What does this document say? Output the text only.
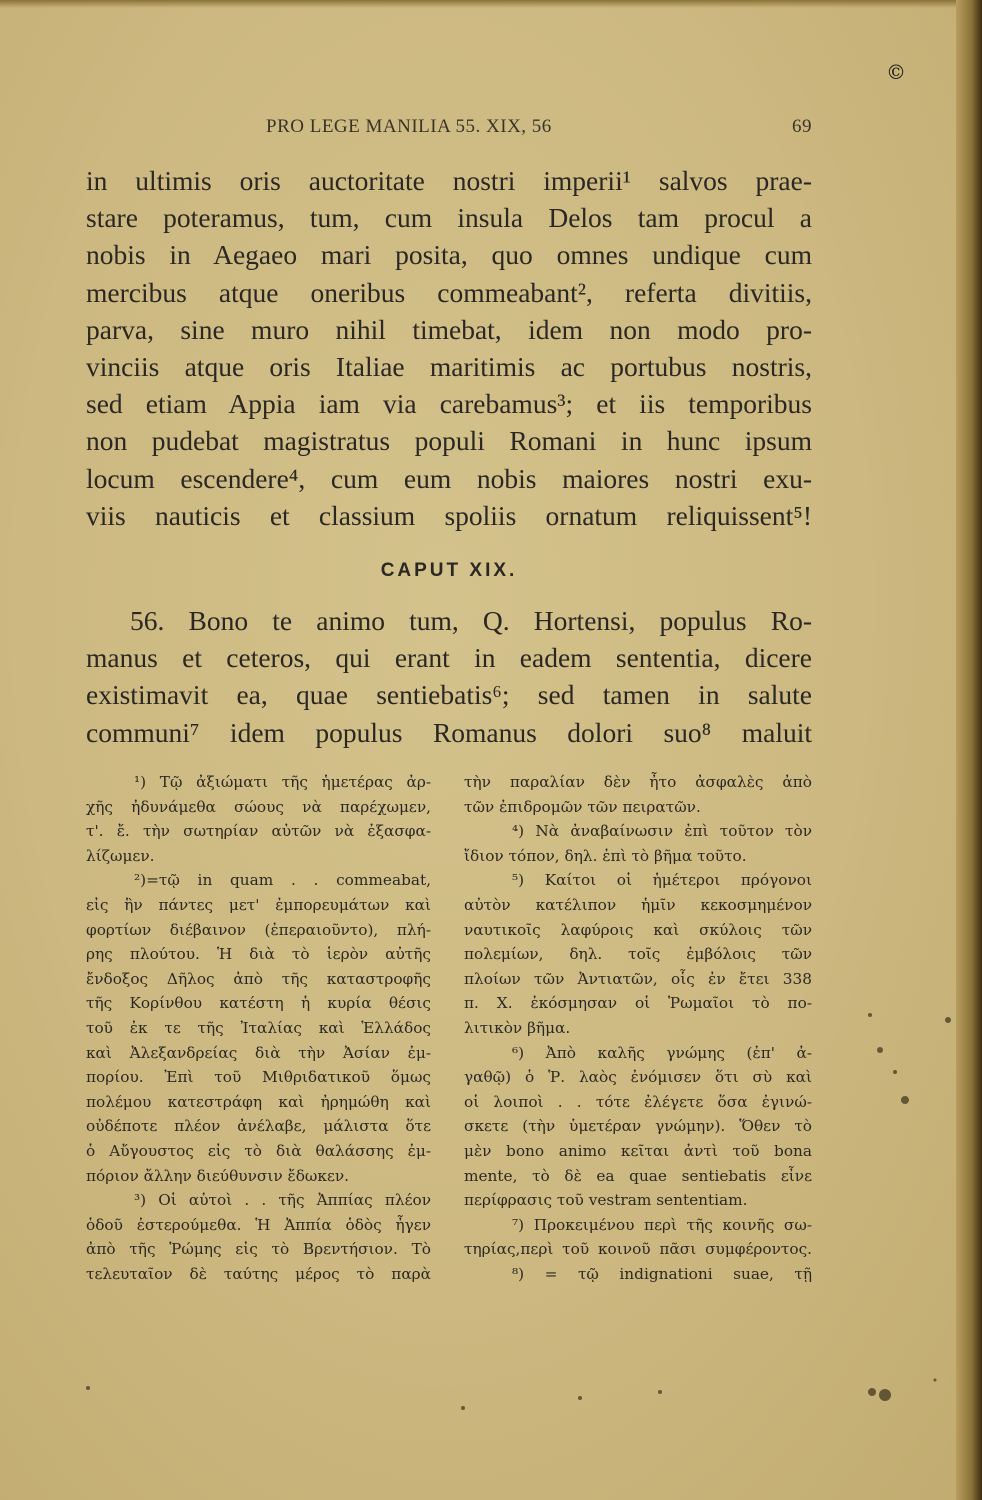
©
PRO LEGE MANILIA 55. XIX, 56	69
in ultimis oris auctoritate nostri imperii¹ salvos prae-
stare poteramus, tum, cum insula Delos tam procul a
nobis in Aegaeo mari posita, quo omnes undique cum
mercibus atque oneribus commeabant², referta divitiis,
parva, sine muro nihil timebat, idem non modo pro-
vinciis atque oris Italiae maritimis ac portubus nostris,
sed etiam Appia iam via carebamus³; et iis temporibus
non pudebat magistratus populi Romani in hunc ipsum
locum escendere⁴, cum eum nobis maiores nostri exu-
viis nauticis et classium spoliis ornatum reliquissent⁵!
CAPUT XIX.
56. Bono te animo tum, Q. Hortensi, populus Ro-
manus et ceteros, qui erant in eadem sententia, dicere
existimavit ea, quae sentiebatis⁶; sed tamen in salute
communi⁷ idem populus Romanus dolori suo⁸ maluit
¹) Τῷ ἀξιώματι τῆς ἡμετέρας ἀρ-
χῆς ἠδυνάμεθα σώους νὰ παρέχωμεν,
τ'. ἔ. τὴν σωτηρίαν αὐτῶν νὰ ἐξασφα-
λίζωμεν.
²)=τῷ in quam . . commeabat,
εἰς ἣν πάντες μετ' ἐμπορευμάτων καὶ
φορτίων διέβαινον (ἐπεραιοῦντο), πλή-
ρης πλούτου. Ἡ διὰ τὸ ἱερὸν αὐτῆς
ἔνδοξος Δῆλος ἀπὸ τῆς καταστροφῆς
τῆς Κορίνθου κατέστη ἡ κυρία θέσις
τοῦ ἐκ τε τῆς Ἰταλίας καὶ Ἑλλάδος
καὶ Ἀλεξανδρείας διὰ τὴν Ἀσίαν ἐμ-
πορίου. Ἐπὶ τοῦ Μιθριδατικοῦ ὅμως
πολέμου κατεστράφη καὶ ἠρημώθη καὶ
οὐδέποτε πλέον ἀνέλαβε, μάλιστα ὅτε
ὁ Αὔγουστος εἰς τὸ διὰ θαλάσσης ἐμ-
πόριον ἄλλην διεύθυνσιν ἔδωκεν.
³) Οἱ αὐτοὶ . . τῆς Ἀππίας πλέον
ὁδοῦ ἐστερούμεθα. Ἡ Ἀππία ὁδὸς ἦγεν
ἀπὸ τῆς Ῥώμης εἰς τὸ Βρεντήσιον. Τὸ
τελευταῖον δὲ ταύτης μέρος τὸ παρὰ
τὴν παραλίαν δὲν ἦτο ἀσφαλὲς ἀπὸ
τῶν ἐπιδρομῶν τῶν πειρατῶν.
⁴) Νὰ ἀναβαίνωσιν ἐπὶ τοῦτον τὸν
ἴδιον τόπον, δηλ. ἐπὶ τὸ βῆμα τοῦτο.
⁵) Καίτοι οἱ ἡμέτεροι πρόγονοι
αὐτὸν κατέλιπον ἡμῖν κεκοσμημένον
ναυτικοῖς λαφύροις καὶ σκύλοις τῶν
πολεμίων, δηλ. τοῖς ἐμβόλοις τῶν
πλοίων τῶν Ἀντιατῶν, οἷς ἐν ἔτει 338
π. Χ. ἐκόσμησαν οἱ Ῥωμαῖοι τὸ πο-
λιτικὸν βῆμα.
⁶) Ἀπὸ καλῆς γνώμης (ἐπ' ἀ-
γαθῷ) ὁ Ῥ. λαὸς ἐνόμισεν ὅτι σὺ καὶ
οἱ λοιποὶ . . τότε ἐλέγετε ὅσα ἐγινώ-
σκετε (τὴν ὑμετέραν γνώμην). Ὅθεν τὸ
μὲν bono animo κεῖται ἀντὶ τοῦ bona
mente, τὸ δὲ ea quae sentiebatis εἶνε
περίφρασις τοῦ vestram sententiam.
⁷) Προκειμένου περὶ τῆς κοινῆς σω-
τηρίας,περὶ τοῦ κοινοῦ πᾶσι συμφέροντος.
⁸) = τῷ indignationi suae, τῇ
